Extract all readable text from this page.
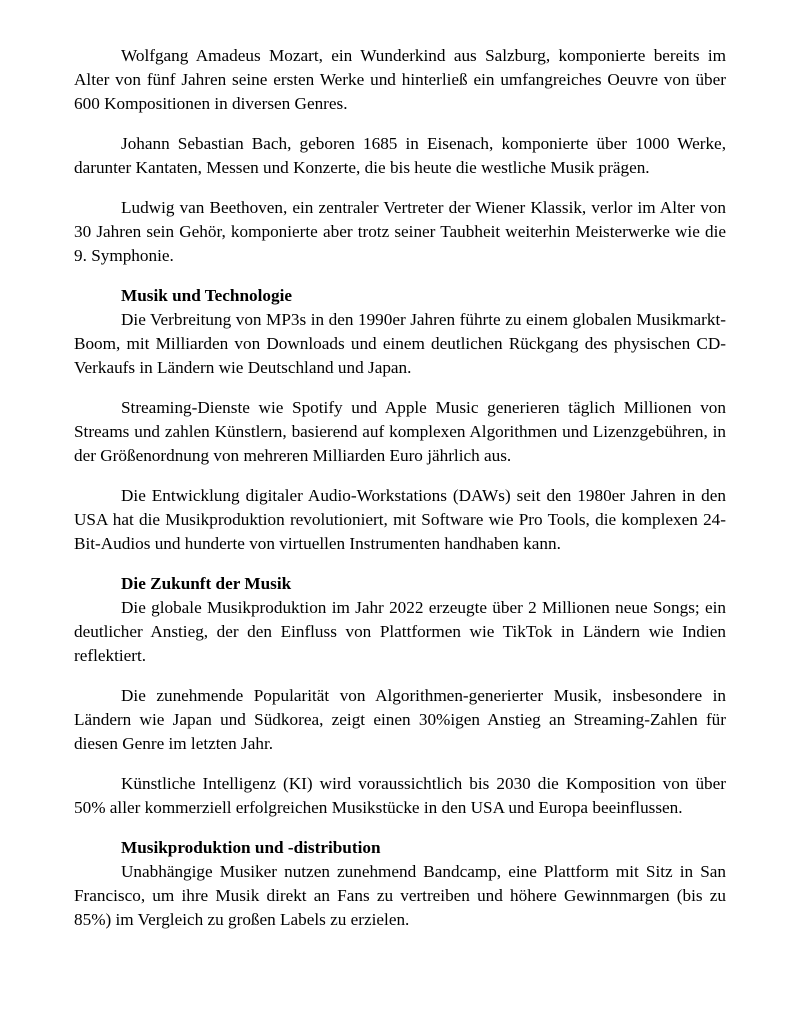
Wolfgang Amadeus Mozart, ein Wunderkind aus Salzburg, komponierte bereits im Alter von fünf Jahren seine ersten Werke und hinterließ ein umfangreiches Oeuvre von über 600 Kompositionen in diversen Genres.

Johann Sebastian Bach, geboren 1685 in Eisenach, komponierte über 1000 Werke, darunter Kantaten, Messen und Konzerte, die bis heute die westliche Musik prägen.

Ludwig van Beethoven, ein zentraler Vertreter der Wiener Klassik, verlor im Alter von 30 Jahren sein Gehör, komponierte aber trotz seiner Taubheit weiterhin Meisterwerke wie die 9. Symphonie.

Musik und Technologie

Die Verbreitung von MP3s in den 1990er Jahren führte zu einem globalen Musikmarkt-Boom, mit Milliarden von Downloads und einem deutlichen Rückgang des physischen CD-Verkaufs in Ländern wie Deutschland und Japan.

Streaming-Dienste wie Spotify und Apple Music generieren täglich Millionen von Streams und zahlen Künstlern, basierend auf komplexen Algorithmen und Lizenzgebühren, in der Größenordnung von mehreren Milliarden Euro jährlich aus.

Die Entwicklung digitaler Audio-Workstations (DAWs) seit den 1980er Jahren in den USA hat die Musikproduktion revolutioniert, mit Software wie Pro Tools, die komplexen 24-Bit-Audios und hunderte von virtuellen Instrumenten handhaben kann.

Die Zukunft der Musik

Die globale Musikproduktion im Jahr 2022 erzeugte über 2 Millionen neue Songs; ein deutlicher Anstieg, der den Einfluss von Plattformen wie TikTok in Ländern wie Indien reflektiert.

Die zunehmende Popularität von Algorithmen-generierter Musik, insbesondere in Ländern wie Japan und Südkorea, zeigt einen 30%igen Anstieg an Streaming-Zahlen für diesen Genre im letzten Jahr.

Künstliche Intelligenz (KI) wird voraussichtlich bis 2030 die Komposition von über 50% aller kommerziell erfolgreichen Musikstücke in den USA und Europa beeinflussen.

Musikproduktion und -distribution

Unabhängige Musiker nutzen zunehmend Bandcamp, eine Plattform mit Sitz in San Francisco, um ihre Musik direkt an Fans zu vertreiben und höhere Gewinnmargen (bis zu 85%) im Vergleich zu großen Labels zu erzielen.
